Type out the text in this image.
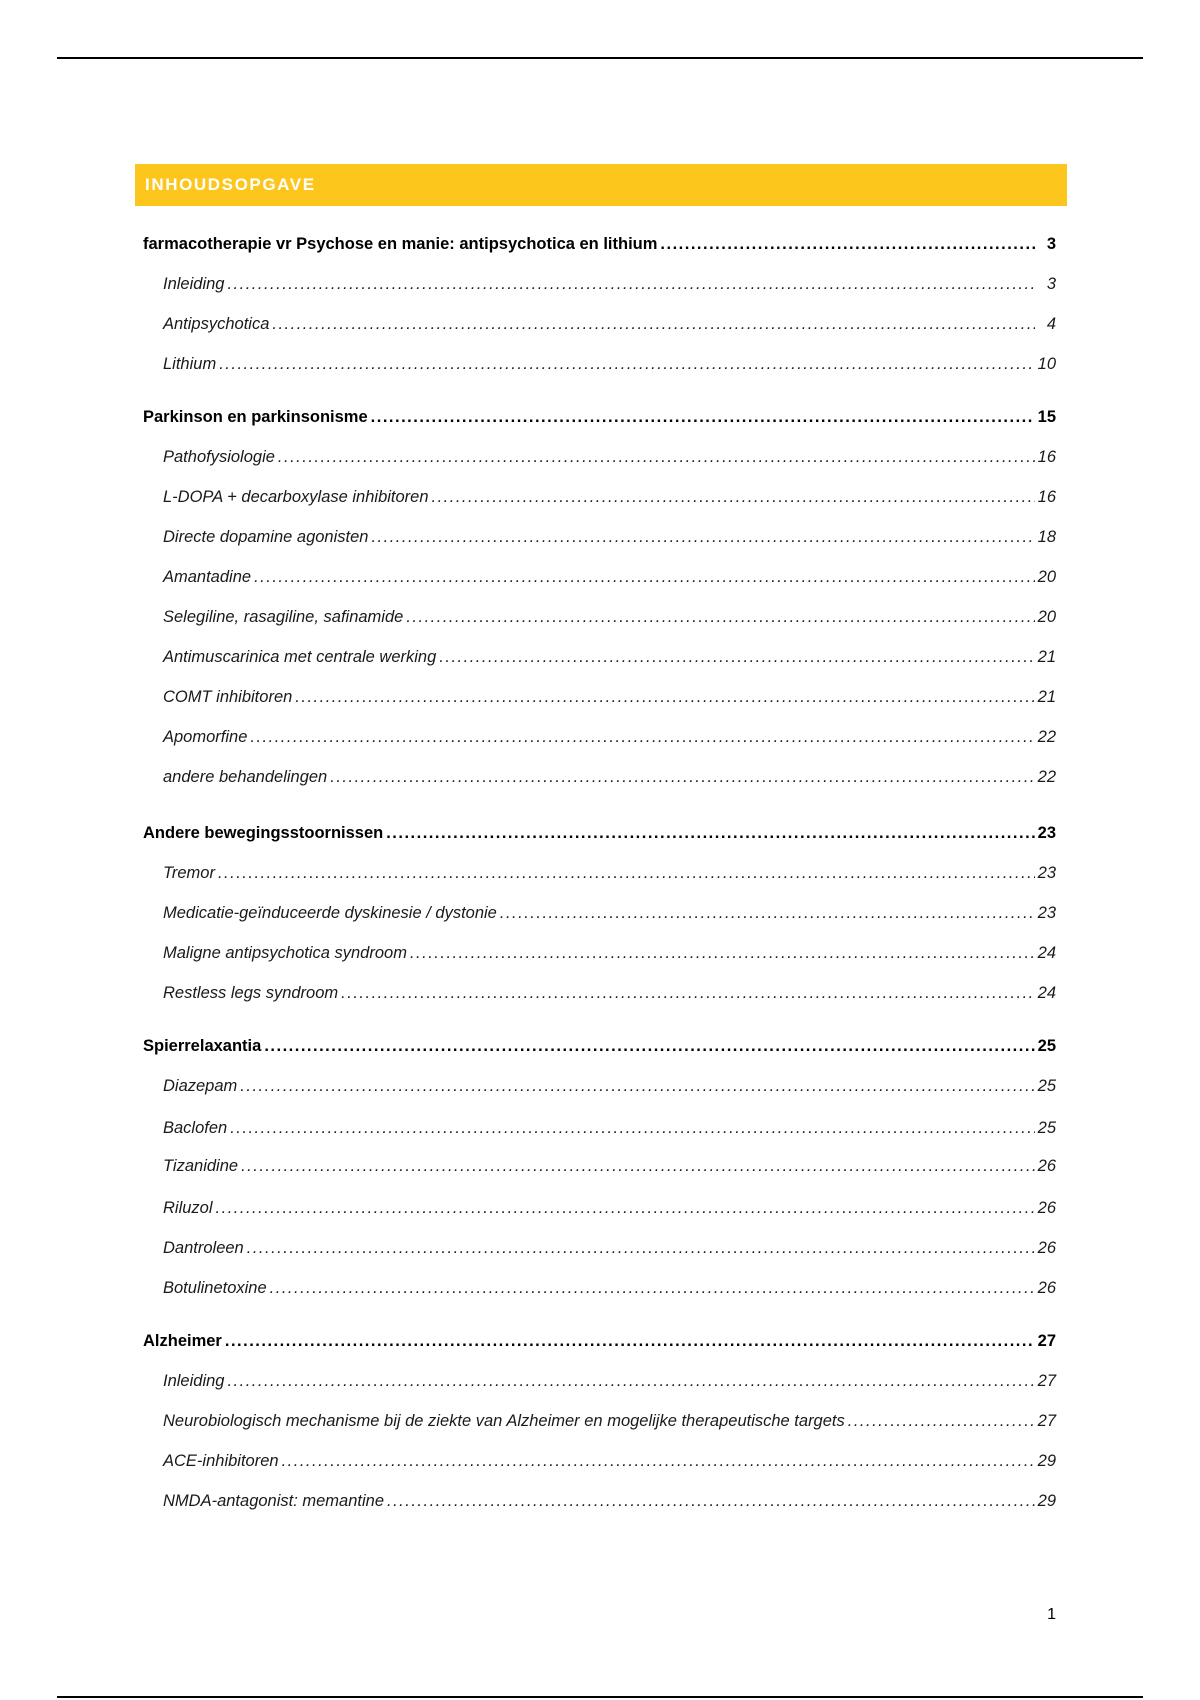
INHOUDSOPGAVE
farmacotherapie vr Psychose en manie: antipsychotica en lithium .....	3
Inleiding .....	3
Antipsychotica .....	4
Lithium .....	10
Parkinson en parkinsonisme .....	15
Pathofysiologie .....	16
L-DOPA + decarboxylase inhibitoren .....	16
Directe dopamine agonisten .....	18
Amantadine .....	20
Selegiline, rasagiline, safinamide .....	20
Antimuscarinica met centrale werking .....	21
COMT inhibitoren .....	21
Apomorfine .....	22
andere behandelingen .....	22
Andere bewegingsstoornissen .....	23
Tremor .....	23
Medicatie-geïnduceerde dyskinesie / dystonie .....	23
Maligne antipsychotica syndroom .....	24
Restless legs syndroom .....	24
Spierrelaxantia .....	25
Diazepam .....	25
Baclofen .....	25
Tizanidine .....	26
Riluzol .....	26
Dantroleen .....	26
Botulinetoxine .....	26
Alzheimer .....	27
Inleiding .....	27
Neurobiologisch mechanisme bij de ziekte van Alzheimer en mogelijke therapeutische targets .....	27
ACE-inhibitoren .....	29
NMDA-antagonist: memantine .....	29
1
